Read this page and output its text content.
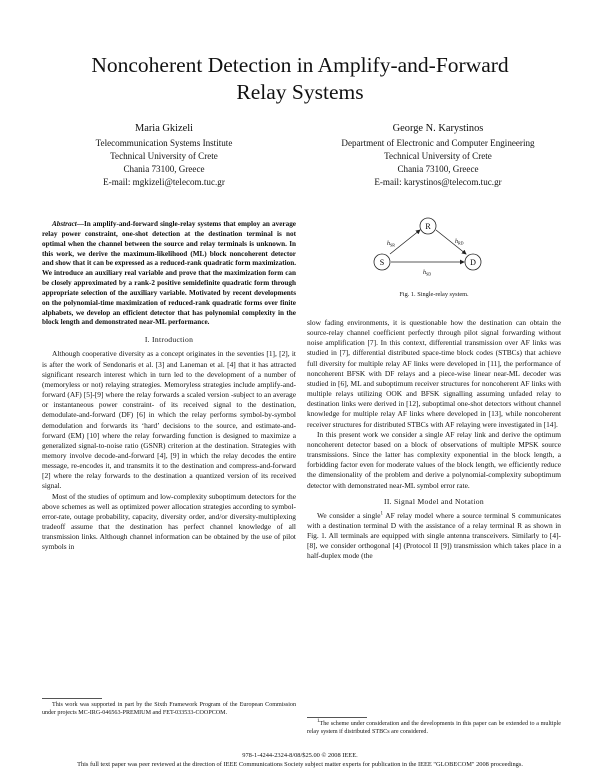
Noncoherent Detection in Amplify-and-Forward
Relay Systems
Maria Gkizeli
Telecommunication Systems Institute
Technical University of Crete
Chania 73100, Greece
E-mail: mgkizeli@telecom.tuc.gr
George N. Karystinos
Department of Electronic and Computer Engineering
Technical University of Crete
Chania 73100, Greece
E-mail: karystinos@telecom.tuc.gr

Abstract—In amplify-and-forward single-relay systems that employ an average relay power constraint, one-shot detection at the destination terminal is not optimal when the channel between the source and relay terminals is unknown. In this work, we derive the maximum-likelihood (ML) block noncoherent detector and show that it can be expressed as a reduced-rank quadratic form maximization. We introduce an auxiliary real variable and prove that the maximization form can be closely approximated by a rank-2 positive semidefinite quadratic form through appropriate selection of the auxiliary variable. Motivated by recent developments on the polynomial-time maximization of reduced-rank quadratic forms over finite alphabets, we develop an efficient detector that has polynomial complexity in the block length and demonstrated near-ML performance.

I. Introduction

Although cooperative diversity as a concept originates in the seventies [1], [2], it is after the work of Sendonaris et al. [3] and Laneman et al. [4] that it has attracted significant research interest which in turn led to the development of a number of (memoryless or not) relaying strategies. Memoryless strategies include amplify-and-forward (AF) [5]-[9] where the relay forwards a scaled version -subject to an average or instantaneous power constraint- of its received signal to the destination, demodulate-and-forward (DF) [6] in which the relay performs symbol-by-symbol demodulation and forwards its ‘hard’ decisions to the source, and estimate-and-forward (EM) [10] where the relay forwarding function is designed to maximize a generalized signal-to-noise ratio (GSNR) criterion at the destination. Strategies with memory involve decode-and-forward [4], [9] in which the relay decodes the entire message, re-encodes it, and transmits it to the destination and compress-and-forward [2] where the relay forwards to the destination a quantized version of its received signal.

Most of the studies of optimum and low-complexity suboptimum detectors for the above schemes as well as optimized power allocation strategies according to symbol-error-rate, outage probability, capacity, diversity order, and/or diversity-multiplexing tradeoff assume that the destination has perfect channel knowledge of all transmission links. Although channel information can be obtained by the use of pilot symbols in

This work was supported in part by the Sixth Framework Program of the European Commission under projects MC-IRG-046563-PREMIUM and FET-033533-COOPCOM.
R
S	D
$h_{SR}$	$h_{RD}$
$h_{SD}$
Fig. 1. Single-relay system.

slow fading environments, it is questionable how the destination can obtain the source-relay channel coefficient perfectly through pilot signal forwarding without noise amplification [7]. In this context, differential transmission over AF links was studied in [7], differential distributed space-time block codes (STBCs) that achieve full diversity for multiple relay AF links were developed in [11], the performance of noncoherent BFSK with DF relays and a piece-wise linear near-ML decoder was studied in [6], ML and suboptimum receiver structures for noncoherent AF links with multiple relays utilizing OOK and BFSK signalling assuming unfaded relay to destination links were derived in [12], suboptimal one-shot detectors without channel knowledge for multiple relay AF links where developed in [13], while noncoherent receiver structures for distributed STBCs with AF relaying were investigated in [14].

In this present work we consider a single AF relay link and derive the optimum noncoherent detector based on a block of observations of multiple MPSK source transmissions. Since the latter has complexity exponential in the block length, a forbidding factor even for moderate values of the block length, we efficiently reduce the dimensionality of the problem and derive a polynomial-complexity suboptimum detector with demonstrated near-ML symbol error rate.

II. Signal Model and Notation

We consider a single$^1$ AF relay model where a source terminal S communicates with a destination terminal D with the assistance of a relay terminal R as shown in Fig. 1. All terminals are equipped with single antenna transceivers. Similarly to [4]-[8], we consider orthogonal [4] (Protocol II [9]) transmission which takes place in a half-duplex mode (the

$^1$The scheme under consideration and the developments in this paper can be extended to a multiple relay system if distributed STBCs are considered.
978-1-4244-2324-8/08/$25.00 © 2008 IEEE.
This full text paper was peer reviewed at the direction of IEEE Communications Society subject matter experts for publication in the IEEE "GLOBECOM" 2008 proceedings.
